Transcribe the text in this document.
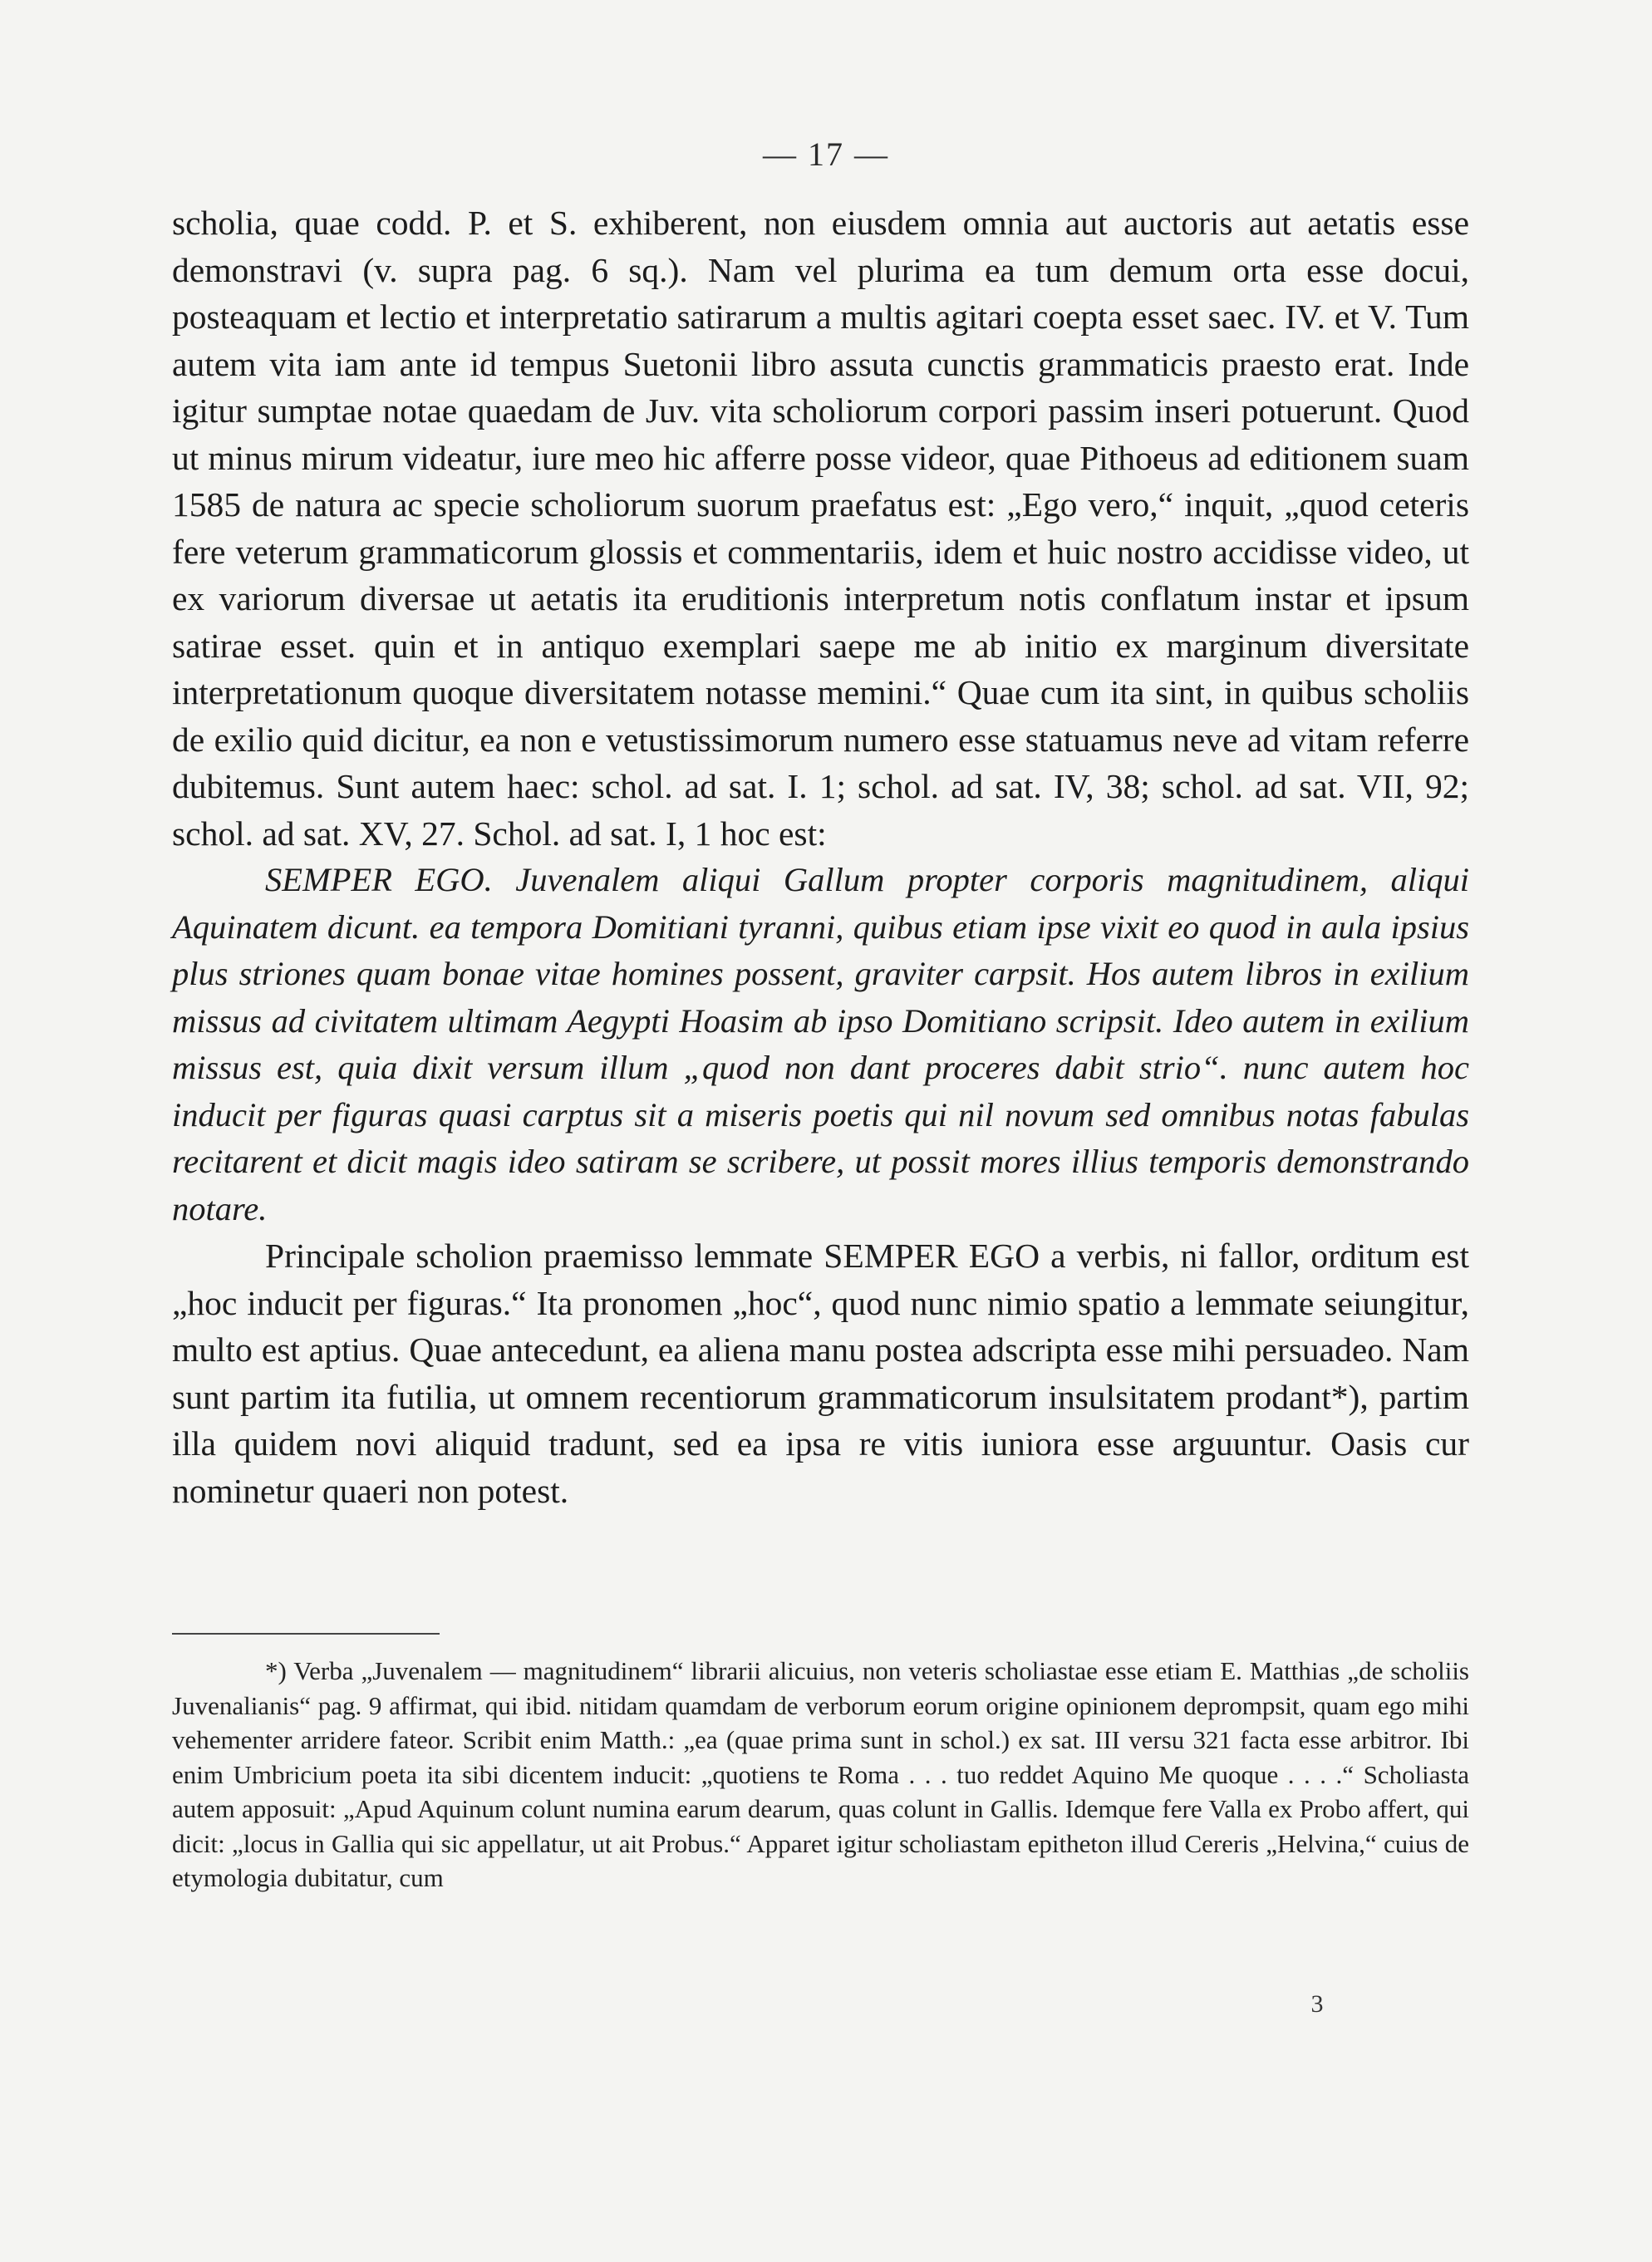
— 17 —

scholia, quae codd. P. et S. exhiberent, non eiusdem omnia aut auctoris aut aetatis esse demonstravi (v. supra pag. 6 sq.). Nam vel plurima ea tum demum orta esse docui, posteaquam et lectio et interpretatio satirarum a multis agitari coepta esset saec. IV. et V. Tum autem vita iam ante id tempus Suetonii libro assuta cunctis grammaticis praesto erat. Inde igitur sumptae notae quaedam de Juv. vita scholiorum corpori passim inseri potuerunt. Quod ut minus mirum videatur, iure meo hic afferre posse videor, quae Pithoeus ad editionem suam 1585 de natura ac specie scholiorum suorum praefatus est: „Ego vero,“ inquit, „quod ceteris fere veterum grammaticorum glossis et commentariis, idem et huic nostro accidisse video, ut ex variorum diversae ut aetatis ita eruditionis interpretum notis conflatum instar et ipsum satirae esset. quin et in antiquo exemplari saepe me ab initio ex marginum diversitate interpretationum quoque diversitatem notasse memini.“ Quae cum ita sint, in quibus scholiis de exilio quid dicitur, ea non e vetustissimorum numero esse statuamus neve ad vitam referre dubitemus. Sunt autem haec: schol. ad sat. I. 1; schol. ad sat. IV, 38; schol. ad sat. VII, 92; schol. ad sat. XV, 27. Schol. ad sat. I, 1 hoc est:

SEMPER EGO. Juvenalem aliqui Gallum propter corporis magnitudinem, aliqui Aquinatem dicunt. ea tempora Domitiani tyranni, quibus etiam ipse vixit eo quod in aula ipsius plus striones quam bonae vitae homines possent, graviter carpsit. Hos autem libros in exilium missus ad civitatem ultimam Aegypti Hoasim ab ipso Domitiano scripsit. Ideo autem in exilium missus est, quia dixit versum illum „quod non dant proceres dabit strio“. nunc autem hoc inducit per figuras quasi carptus sit a miseris poetis qui nil novum sed omnibus notas fabulas recitarent et dicit magis ideo satiram se scribere, ut possit mores illius temporis demonstrando notare.

Principale scholion praemisso lemmate SEMPER EGO a verbis, ni fallor, orditum est „hoc inducit per figuras.“ Ita pronomen „hoc“, quod nunc nimio spatio a lemmate seiungitur, multo est aptius. Quae antecedunt, ea aliena manu postea adscripta esse mihi persuadeo. Nam sunt partim ita futilia, ut omnem recentiorum grammaticorum insulsitatem prodant*), partim illa quidem novi aliquid tradunt, sed ea ipsa re vitis iuniora esse arguuntur. Oasis cur nominetur quaeri non potest.

*) Verba „Juvenalem — magnitudinem“ librarii alicuius, non veteris scholiastae esse etiam E. Matthias „de scholiis Juvenalianis“ pag. 9 affirmat, qui ibid. nitidam quamdam de verborum eorum origine opinionem deprompsit, quam ego mihi vehementer arridere fateor. Scribit enim Matth.: „ea (quae prima sunt in schol.) ex sat. III versu 321 facta esse arbitror. Ibi enim Umbricium poeta ita sibi dicentem inducit: „quotiens te Roma . . . tuo reddet Aquino Me quoque . . . .“ Scholiasta autem apposuit: „Apud Aquinum colunt numina earum dearum, quas colunt in Gallis. Idemque fere Valla ex Probo affert, qui dicit: „locus in Gallia qui sic appellatur, ut ait Probus.“ Apparet igitur scholiastam epitheton illud Cereris „Helvina,“ cuius de etymologia dubitatur, cum

3
